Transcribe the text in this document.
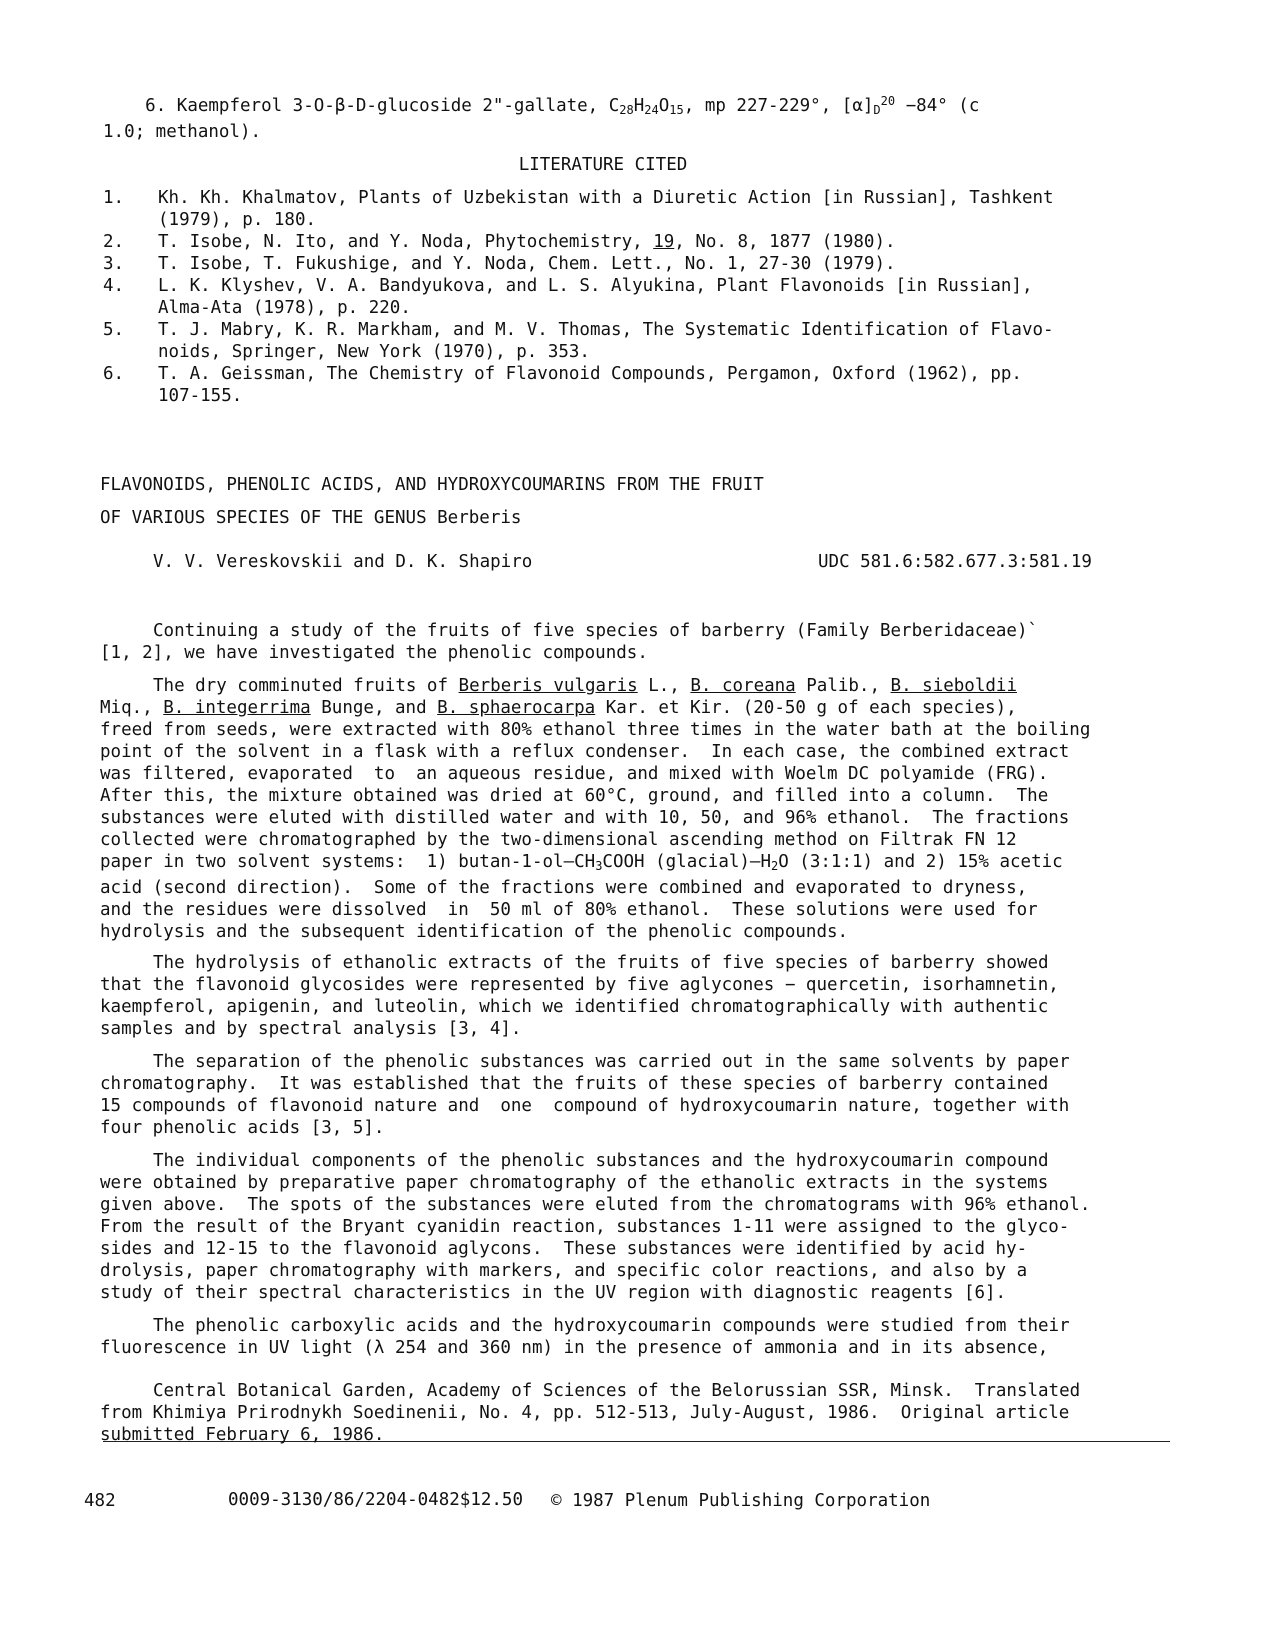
6. Kaempferol 3-O-β-D-glucoside 2"-gallate, $C_{28}H_{24}O_{15}$, mp 227-229°, $[\alpha]_D^{20} -84^\circ$ (c
1.0; methanol).
LITERATURE CITED
1.	Kh. Kh. Khalmatov, Plants of Uzbekistan with a Diuretic Action [in Russian], Tashkent
(1979), p. 180.
2.	T. Isobe, N. Ito, and Y. Noda, Phytochemistry, 19, No. 8, 1877 (1980).
3.	T. Isobe, T. Fukushige, and Y. Noda, Chem. Lett., No. 1, 27-30 (1979).
4.	L. K. Klyshev, V. A. Bandyukova, and L. S. Alyukina, Plant Flavonoids [in Russian],
Alma-Ata (1978), p. 220.
5.	T. J. Mabry, K. R. Markham, and M. V. Thomas, The Systematic Identification of Flavo-
noids, Springer, New York (1970), p. 353.
6.	T. A. Geissman, The Chemistry of Flavonoid Compounds, Pergamon, Oxford (1962), pp.
107-155.
FLAVONOIDS, PHENOLIC ACIDS, AND HYDROXYCOUMARINS FROM THE FRUIT
OF VARIOUS SPECIES OF THE GENUS Berberis
V. V. Vereskovskii and D. K. Shapiro	UDC 581.6:582.677.3:581.19
Continuing a study of the fruits of five species of barberry (Family Berberidaceae)`
[1, 2], we have investigated the phenolic compounds.
The dry comminuted fruits of Berberis vulgaris L., B. coreana Palib., B. sieboldii
Miq., B. integerrima Bunge, and B. sphaerocarpa Kar. et Kir. (20-50 g of each species),
freed from seeds, were extracted with 80% ethanol three times in the water bath at the boiling
point of the solvent in a flask with a reflux condenser.  In each case, the combined extract
was filtered, evaporated  to  an aqueous residue, and mixed with Woelm DC polyamide (FRG).
After this, the mixture obtained was dried at 60°C, ground, and filled into a column.  The
substances were eluted with distilled water and with 10, 50, and 96% ethanol.  The fractions
collected were chromatographed by the two-dimensional ascending method on Filtrak FN 12
paper in two solvent systems:  1) butan-$1-ol—CH_3COOH$ $(glacial)—H_2O$ (3:1:1) and 2) 15% acetic
acid (second direction).  Some of the fractions were combined and evaporated to dryness,
and the residues were dissolved  in  50 ml of 80% ethanol.  These solutions were used for
hydrolysis and the subsequent identification of the phenolic compounds.
The hydrolysis of ethanolic extracts of the fruits of five species of barberry showed
that the flavonoid glycosides were represented by five aglycones − quercetin, isorhamnetin,
kaempferol, apigenin, and luteolin, which we identified chromatographically with authentic
samples and by spectral analysis [3, 4].
The separation of the phenolic substances was carried out in the same solvents by paper
chromatography.  It was established that the fruits of these species of barberry contained
15 compounds of flavonoid nature and  one  compound of hydroxycoumarin nature, together with
four phenolic acids [3, 5].
The individual components of the phenolic substances and the hydroxycoumarin compound
were obtained by preparative paper chromatography of the ethanolic extracts in the systems
given above.  The spots of the substances were eluted from the chromatograms with 96% ethanol.
From the result of the Bryant cyanidin reaction, substances 1-11 were assigned to the glyco-
sides and 12-15 to the flavonoid aglycons.  These substances were identified by acid hy-
drolysis, paper chromatography with markers, and specific color reactions, and also by a
study of their spectral characteristics in the UV region with diagnostic reagents [6].
The phenolic carboxylic acids and the hydroxycoumarin compounds were studied from their
fluorescence in UV light (λ 254 and 360 nm) in the presence of ammonia and in its absence,
Central Botanical Garden, Academy of Sciences of the Belorussian SSR, Minsk.  Translated
from Khimiya Prirodnykh Soedinenii, No. 4, pp. 512-513, July-August, 1986.  Original article
submitted February 6, 1986.
482	0009-3130/86/2204-0482$12.50 © 1987 Plenum Publishing Corporation
